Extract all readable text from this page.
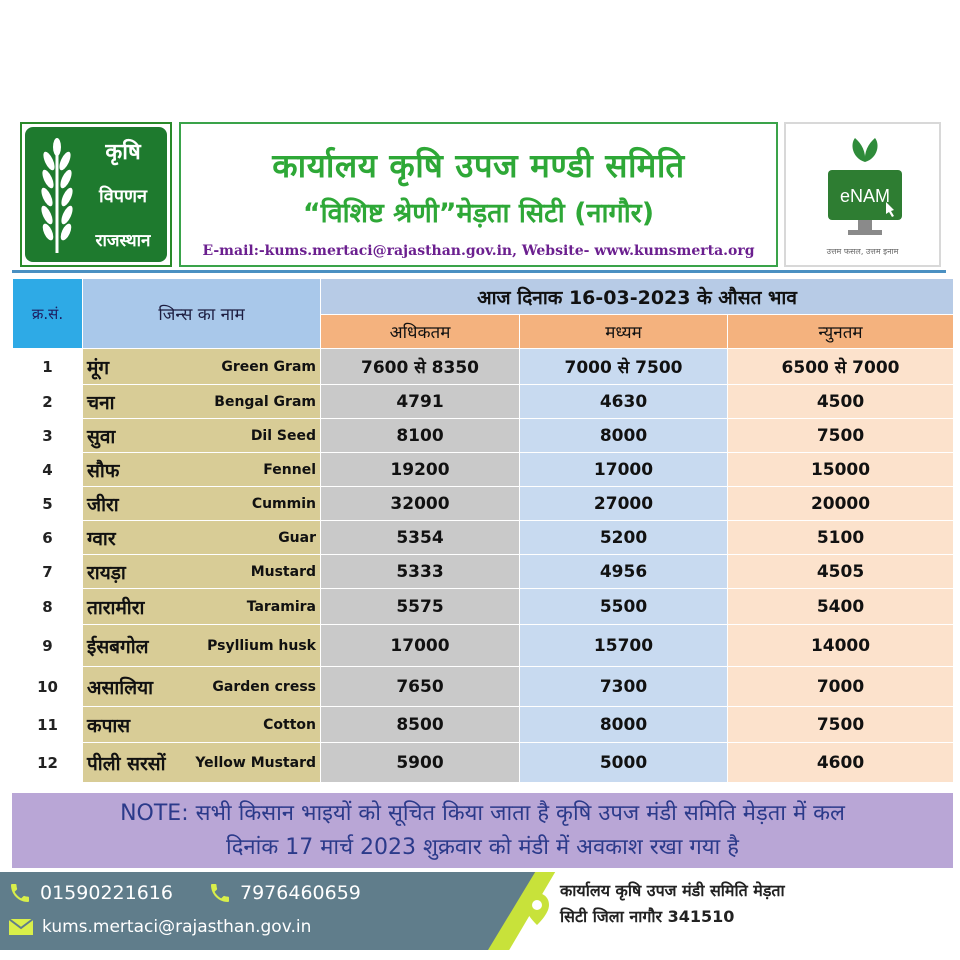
कृषि
विपणन
राजस्थान
कार्यालय कृषि उपज मण्डी समिति
“विशिष्ट श्रेणी”मेड़ता सिटी (नागौर)
E-mail:-kums.mertaci@rajasthan.gov.in, Website- www.kumsmerta.org
eNAM
उत्तम फसल, उत्तम इनाम
क्र.सं.	जिन्स का नाम	आज दिनाक 16-03-2023 के औसत भाव		
		अधिकतम	मध्यम	न्युनतम
1	मूंग Green Gram	7600 से 8350	7000 से 7500	6500 से 7000
2	चना Bengal Gram	4791	4630	4500
3	सुवा Dil Seed	8100	8000	7500
4	सौफ Fennel	19200	17000	15000
5	जीरा Cummin	32000	27000	20000
6	ग्वार Guar	5354	5200	5100
7	रायड़ा Mustard	5333	4956	4505
8	तारामीरा Taramira	5575	5500	5400
9	ईसबगोल Psyllium husk	17000	15700	14000
10	असालिया Garden cress	7650	7300	7000
11	कपास Cotton	8500	8000	7500
12	पीली सरसों Yellow Mustard	5900	5000	4600
NOTE: सभी किसान भाइयों को सूचित किया जाता है कृषि उपज मंडी समिति मेड़ता में कल
दिनांक 17 मार्च 2023 शुक्रवार को मंडी में अवकाश रखा गया है
01590221616	7976460659
kums.mertaci@rajasthan.gov.in
कार्यालय कृषि उपज मंडी समिति मेड़ता
सिटी जिला नागौर 341510
